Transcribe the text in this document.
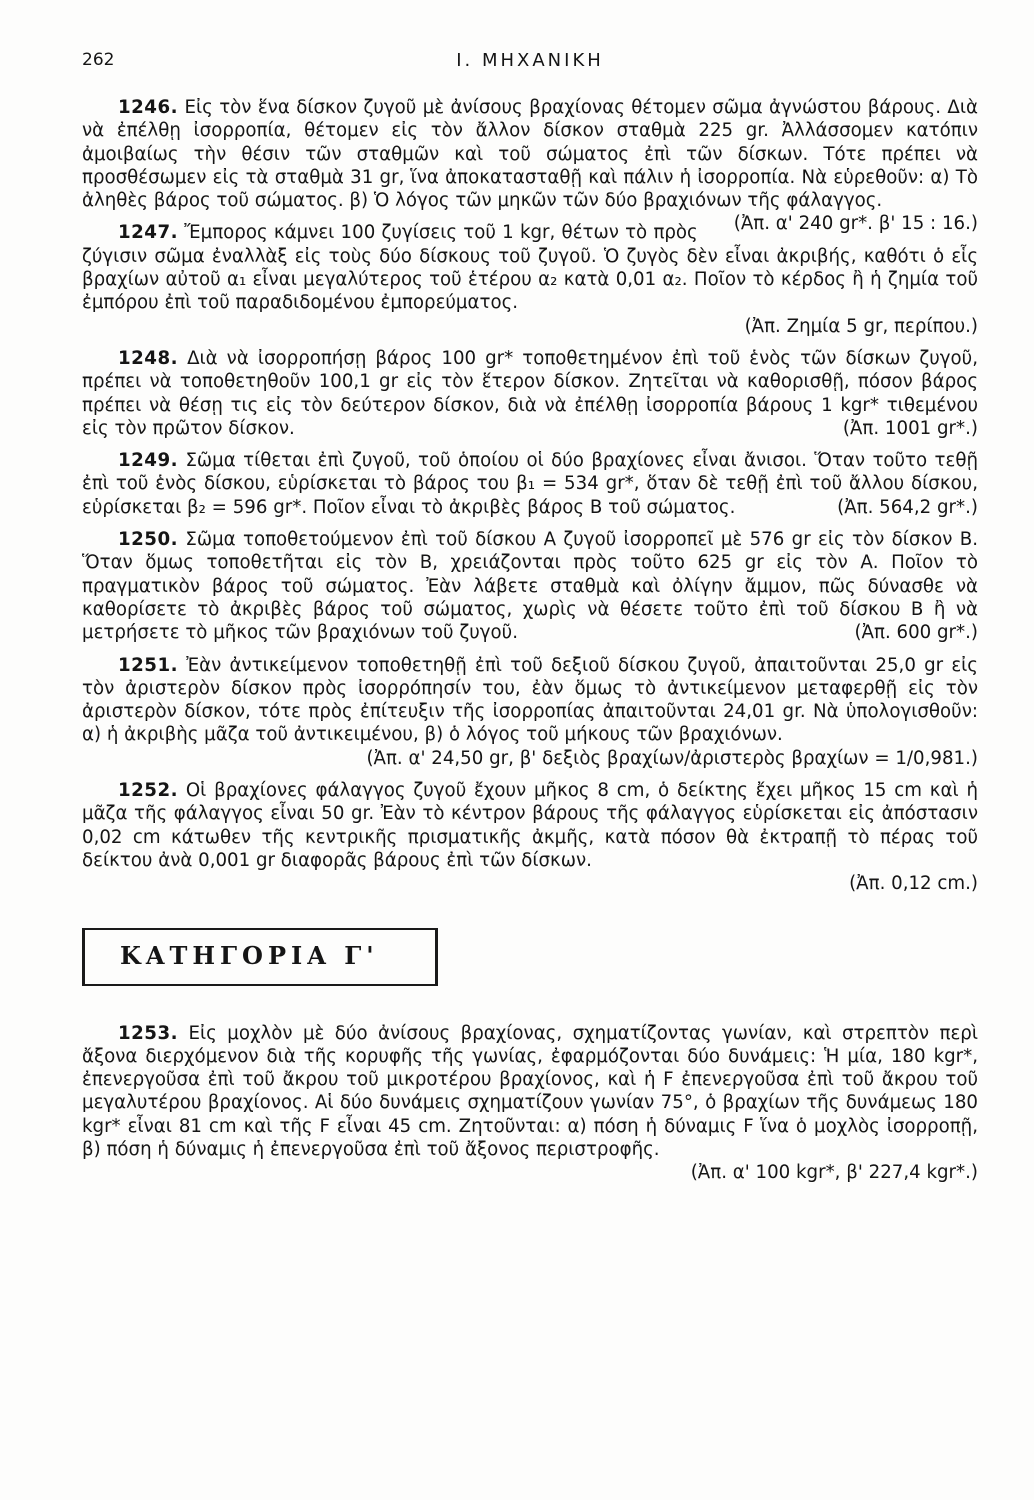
262	Ι. ΜΗΧΑΝΙΚΗ

1246. Εἰς τὸν ἕνα δίσκον ζυγοῦ μὲ ἀνίσους βραχίονας θέτομεν σῶμα ἀγνώστου βάρους. Διὰ νὰ ἐπέλθῃ ἰσορροπία, θέτομεν εἰς τὸν ἄλλον δίσκον σταθμὰ 225 gr. Ἀλλάσσομεν κατόπιν ἀμοιβαίως τὴν θέσιν τῶν σταθμῶν καὶ τοῦ σώματος ἐπὶ τῶν δίσκων. Τότε πρέπει νὰ προσθέσωμεν εἰς τὰ σταθμὰ 31 gr, ἵνα ἀποκατασταθῇ καὶ πάλιν ἡ ἰσορροπία. Νὰ εὑρεθοῦν: α) Τὸ ἀληθὲς βάρος τοῦ σώματος. β) Ὁ λόγος τῶν μηκῶν τῶν δύο βραχιόνων τῆς φάλαγγος.
(Ἀπ. α' 240 gr*. β' 15 : 16.)

1247. Ἔμπορος κάμνει 100 ζυγίσεις τοῦ 1 kgr, θέτων τὸ πρὸς ζύγισιν σῶμα ἐναλλὰξ εἰς τοὺς δύο δίσκους τοῦ ζυγοῦ. Ὁ ζυγὸς δὲν εἶναι ἀκριβής, καθότι ὁ εἷς βραχίων αὐτοῦ α₁ εἶναι μεγαλύτερος τοῦ ἑτέρου α₂ κατὰ 0,01 α₂. Ποῖον τὸ κέρδος ἢ ἡ ζημία τοῦ ἐμπόρου ἐπὶ τοῦ παραδιδομένου ἐμπορεύματος.
(Ἀπ. Ζημία 5 gr, περίπου.)

1248. Διὰ νὰ ἰσορροπήσῃ βάρος 100 gr* τοποθετημένον ἐπὶ τοῦ ἑνὸς τῶν δίσκων ζυγοῦ, πρέπει νὰ τοποθετηθοῦν 100,1 gr εἰς τὸν ἕτερον δίσκον. Ζητεῖται νὰ καθορισθῇ, πόσον βάρος πρέπει νὰ θέσῃ τις εἰς τὸν δεύτερον δίσκον, διὰ νὰ ἐπέλθῃ ἰσορροπία βάρους 1 kgr* τιθεμένου εἰς τὸν πρῶτον δίσκον.	(Ἀπ. 1001 gr*.)

1249. Σῶμα τίθεται ἐπὶ ζυγοῦ, τοῦ ὁποίου οἱ δύο βραχίονες εἶναι ἄνισοι. Ὅταν τοῦτο τεθῇ ἐπὶ τοῦ ἑνὸς δίσκου, εὑρίσκεται τὸ βάρος του β₁ = 534 gr*, ὅταν δὲ τεθῇ ἐπὶ τοῦ ἄλλου δίσκου, εὑρίσκεται β₂ = 596 gr*. Ποῖον εἶναι τὸ ἀκριβὲς βάρος Β τοῦ σώματος.	(Ἀπ. 564,2 gr*.)

1250. Σῶμα τοποθετούμενον ἐπὶ τοῦ δίσκου Α ζυγοῦ ἰσορροπεῖ μὲ 576 gr εἰς τὸν δίσκον Β. Ὅταν ὅμως τοποθετῆται εἰς τὸν Β, χρειάζονται πρὸς τοῦτο 625 gr εἰς τὸν Α. Ποῖον τὸ πραγματικὸν βάρος τοῦ σώματος. Ἐὰν λάβετε σταθμὰ καὶ ὀλίγην ἄμμον, πῶς δύνασθε νὰ καθορίσετε τὸ ἀκριβὲς βάρος τοῦ σώματος, χωρὶς νὰ θέσετε τοῦτο ἐπὶ τοῦ δίσκου Β ἢ νὰ μετρήσετε τὸ μῆκος τῶν βραχιόνων τοῦ ζυγοῦ.	(Ἀπ. 600 gr*.)

1251. Ἐὰν ἀντικείμενον τοποθετηθῇ ἐπὶ τοῦ δεξιοῦ δίσκου ζυγοῦ, ἀπαιτοῦνται 25,0 gr εἰς τὸν ἀριστερὸν δίσκον πρὸς ἰσορρόπησίν του, ἐὰν ὅμως τὸ ἀντικείμενον μεταφερθῇ εἰς τὸν ἀριστερὸν δίσκον, τότε πρὸς ἐπίτευξιν τῆς ἰσορροπίας ἀπαιτοῦνται 24,01 gr. Νὰ ὑπολογισθοῦν: α) ἡ ἀκριβὴς μᾶζα τοῦ ἀντικειμένου, β) ὁ λόγος τοῦ μήκους τῶν βραχιόνων.
(Ἀπ. α' 24,50 gr, β' δεξιὸς βραχίων/ἀριστερὸς βραχίων = 1/0,981.)

1252. Οἱ βραχίονες φάλαγγος ζυγοῦ ἔχουν μῆκος 8 cm, ὁ δείκτης ἔχει μῆκος 15 cm καὶ ἡ μᾶζα τῆς φάλαγγος εἶναι 50 gr. Ἐὰν τὸ κέντρον βάρους τῆς φάλαγγος εὑρίσκεται εἰς ἀπόστασιν 0,02 cm κάτωθεν τῆς κεντρικῆς πρισματικῆς ἀκμῆς, κατὰ πόσον θὰ ἐκτραπῇ τὸ πέρας τοῦ δείκτου ἀνὰ 0,001 gr διαφορᾶς βάρους ἐπὶ τῶν δίσκων.
(Ἀπ. 0,12 cm.)

ΚΑΤΗΓΟΡΙΑ Γ'

1253. Εἰς μοχλὸν μὲ δύο ἀνίσους βραχίονας, σχηματίζοντας γωνίαν, καὶ στρεπτὸν περὶ ἄξονα διερχόμενον διὰ τῆς κορυφῆς τῆς γωνίας, ἐφαρμόζονται δύο δυνάμεις: Ἡ μία, 180 kgr*, ἐπενεργοῦσα ἐπὶ τοῦ ἄκρου τοῦ μικροτέρου βραχίονος, καὶ ἡ F ἐπενεργοῦσα ἐπὶ τοῦ ἄκρου τοῦ μεγαλυτέρου βραχίονος. Αἱ δύο δυνάμεις σχηματίζουν γωνίαν 75°, ὁ βραχίων τῆς δυνάμεως 180 kgr* εἶναι 81 cm καὶ τῆς F εἶναι 45 cm. Ζητοῦνται: α) πόση ἡ δύναμις F ἵνα ὁ μοχλὸς ἰσορροπῇ, β) πόση ἡ δύναμις ἡ ἐπενεργοῦσα ἐπὶ τοῦ ἄξονος περιστροφῆς.
(Ἀπ. α' 100 kgr*, β' 227,4 kgr*.)
